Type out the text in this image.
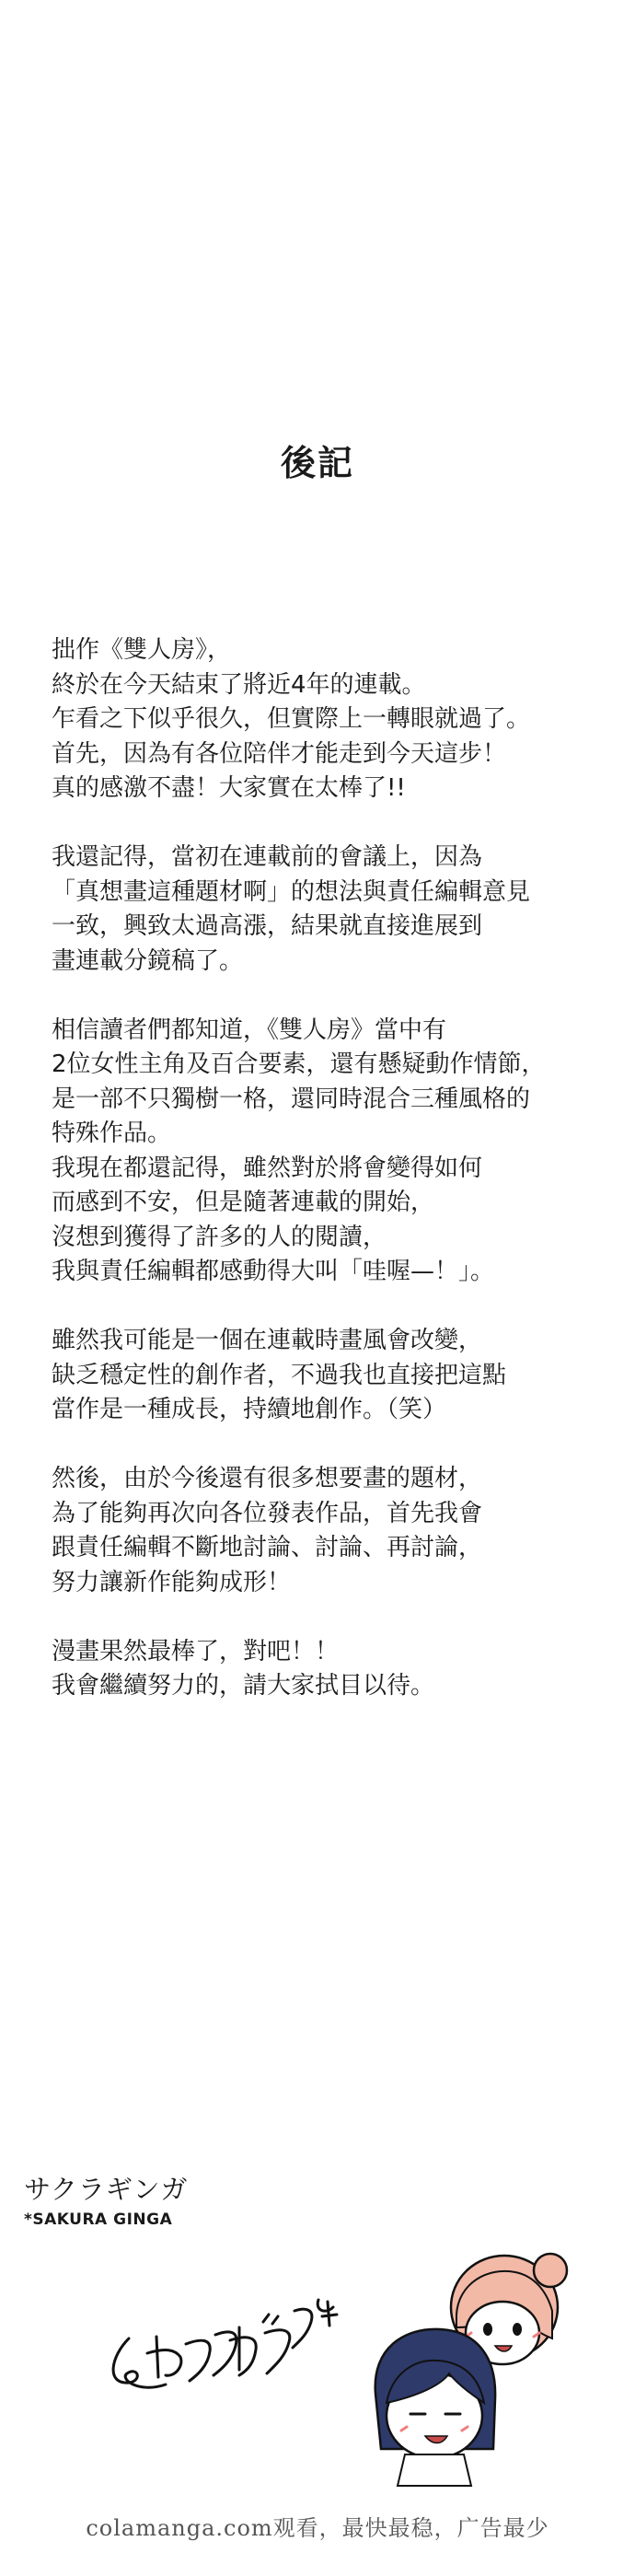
後記

拙作《雙人房》，
終於在今天結束了將近4年的連載。
乍看之下似乎很久，但實際上一轉眼就過了。
首先，因為有各位陪伴才能走到今天這步！
真的感激不盡！大家實在太棒了!!

我還記得，當初在連載前的會議上，因為
「真想畫這種題材啊」的想法與責任編輯意見
一致，興致太過高漲，結果就直接進展到
畫連載分鏡稿了。

相信讀者們都知道，《雙人房》當中有
2位女性主角及百合要素，還有懸疑動作情節，
是一部不只獨樹一格，還同時混合三種風格的
特殊作品。
我現在都還記得，雖然對於將會變得如何
而感到不安，但是隨著連載的開始，
沒想到獲得了許多的人的閱讀，
我與責任編輯都感動得大叫「哇喔—！」。

雖然我可能是一個在連載時畫風會改變，
缺乏穩定性的創作者，不過我也直接把這點
當作是一種成長，持續地創作。（笑）

然後，由於今後還有很多想要畫的題材，
為了能夠再次向各位發表作品，首先我會
跟責任編輯不斷地討論、討論、再討論，
努力讓新作能夠成形！

漫畫果然最棒了，對吧！！
我會繼續努力的，請大家拭目以待。

サクラギンガ
*SAKURA GINGA
colamanga.com观看，最快最稳，广告最少
